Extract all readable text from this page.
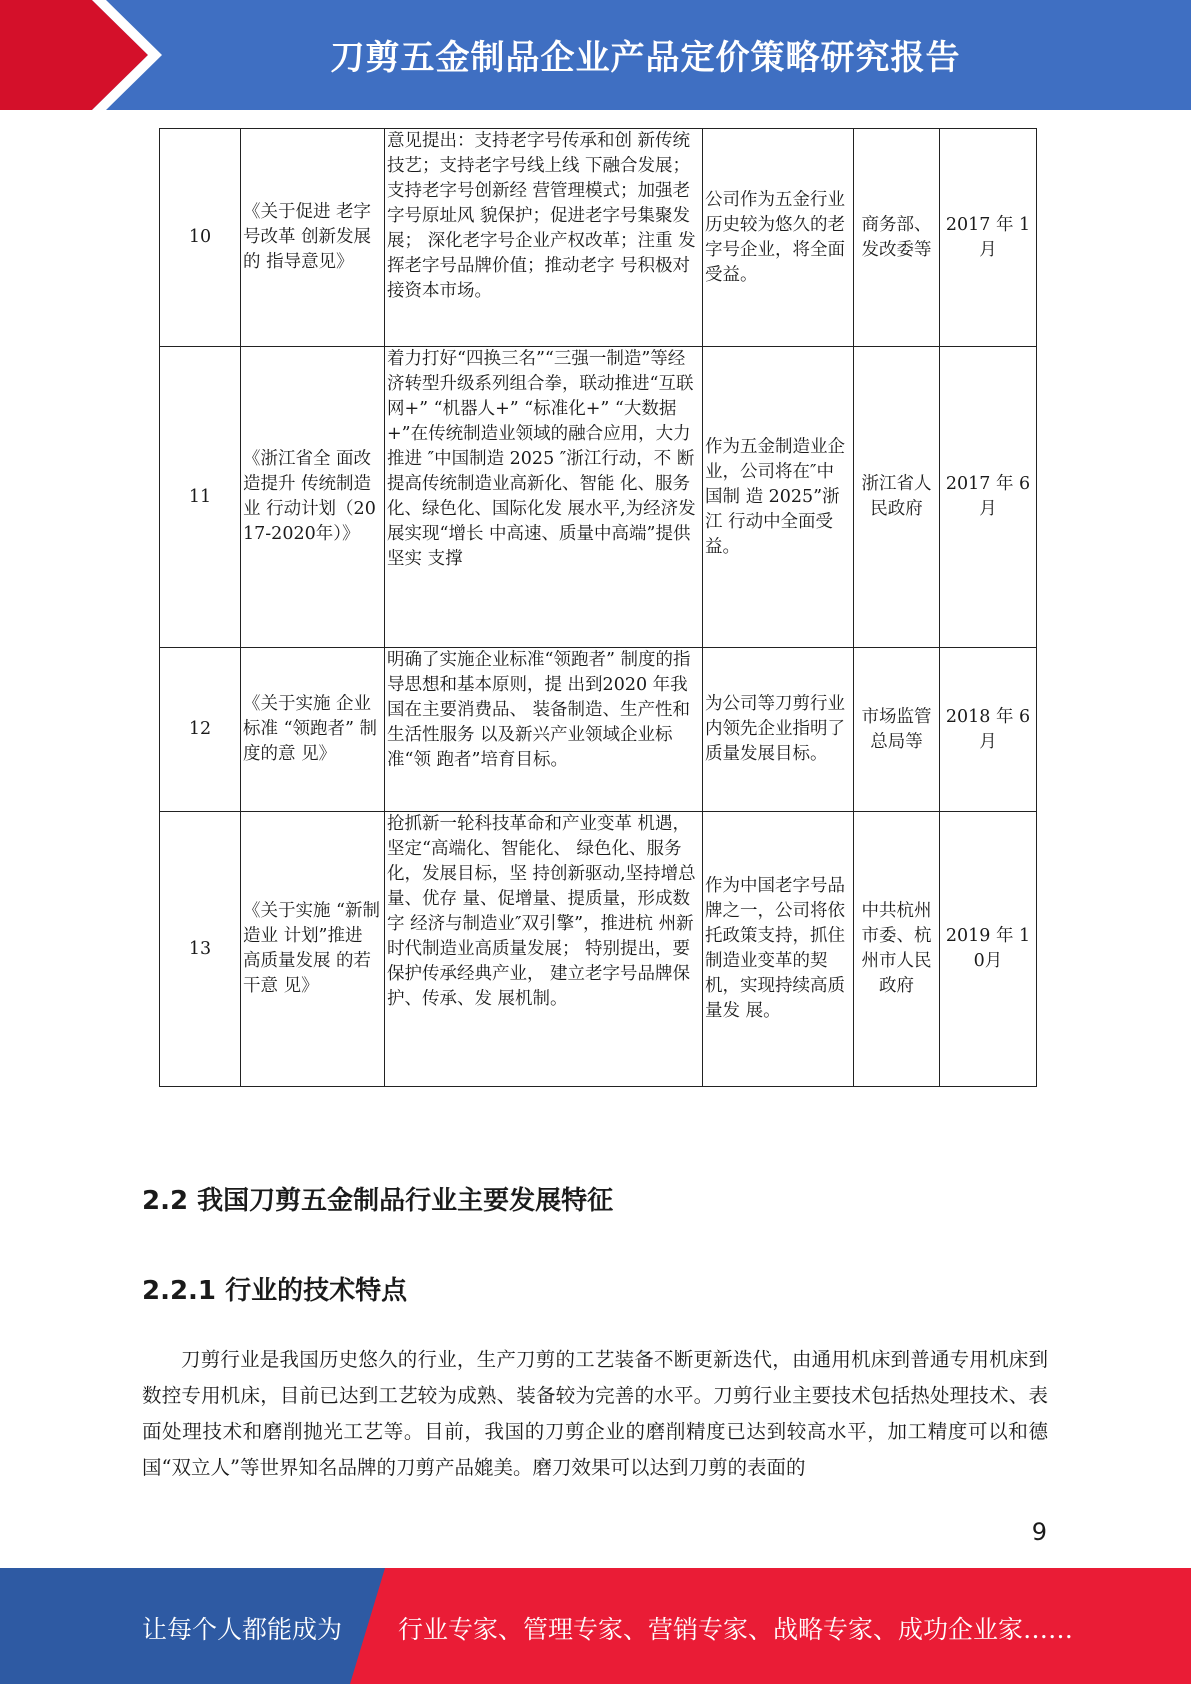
刀剪五金制品企业产品定价策略研究报告
10	《关于促进 老字号改革 创新发展的 指导意见》	意见提出：支持老字号传承和创 新传统技艺；支持老字号线上线 下融合发展；支持老字号创新经 营管理模式；加强老字号原址风 貌保护；促进老字号集聚发展； 深化老字号企业产权改革；注重 发挥老字号品牌价值；推动老字 号积极对接资本市场。	公司作为五金行业历史较为悠久的老字号企业，将全面受益。	商务部、发改委等	2017 年 1月
11	《浙江省全 面改造提升 传统制造业 行动计划（2017-2020年）》	着力打好“四换三名”“三强一制造”等经济转型升级系列组合拳，联动推进“互联网+” “机器人+” “标准化+” “大数据+”在传统制造业领域的融合应用，大力推进 ″中国制造 2025 ″浙江行动，不 断提高传统制造业高新化、智能 化、服务化、绿色化、国际化发 展水平,为经济发展实现“增长 中高速、质量中高端”提供坚实 支撑	作为五金制造业企业，公司将在″中国制 造 2025”浙江 行动中全面受 益。	浙江省人民政府	2017 年 6月
12	《关于实施 企业标准 “领跑者” 制度的意 见》	明确了实施企业标准“领跑者” 制度的指导思想和基本原则，提 出到2020 年我国在主要消费品、 装备制造、生产性和生活性服务 以及新兴产业领域企业标准“领 跑者”培育目标。	为公司等刀剪行业内领先企业指明了质量发展目标。	市场监管总局等	2018 年 6月
13	《关于实施 “新制造业 计划”推进 高质量发展 的若干意 见》	抢抓新一轮科技革命和产业变革 机遇，坚定“高端化、智能化、 绿色化、服务化，发展目标，坚 持创新驱动,坚持增总量、优存 量、促增量、提质量，形成数字 经济与制造业″双引擎”，推进杭 州新时代制造业高质量发展； 特别提出，要保护传承经典产业， 建立老字号品牌保护、传承、发 展机制。	作为中国老字号品牌之一，公司将依托政策支持，抓住制造业变革的契机，实现持续高质量发 展。	中共杭州市委、杭州市人民政府	2019 年 10月
2.2 我国刀剪五金制品行业主要发展特征
2.2.1 行业的技术特点

刀剪行业是我国历史悠久的行业，生产刀剪的工艺装备不断更新迭代，由通用机床到普通专用机床到数控专用机床，目前已达到工艺较为成熟、装备较为完善的水平。刀剪行业主要技术包括热处理技术、表面处理技术和磨削抛光工艺等。目前，我国的刀剪企业的磨削精度已达到较高水平，加工精度可以和德国“双立人”等世界知名品牌的刀剪产品媲美。磨刀效果可以达到刀剪的表面的

9
让每个人都能成为 行业专家、管理专家、营销专家、战略专家、成功企业家……
